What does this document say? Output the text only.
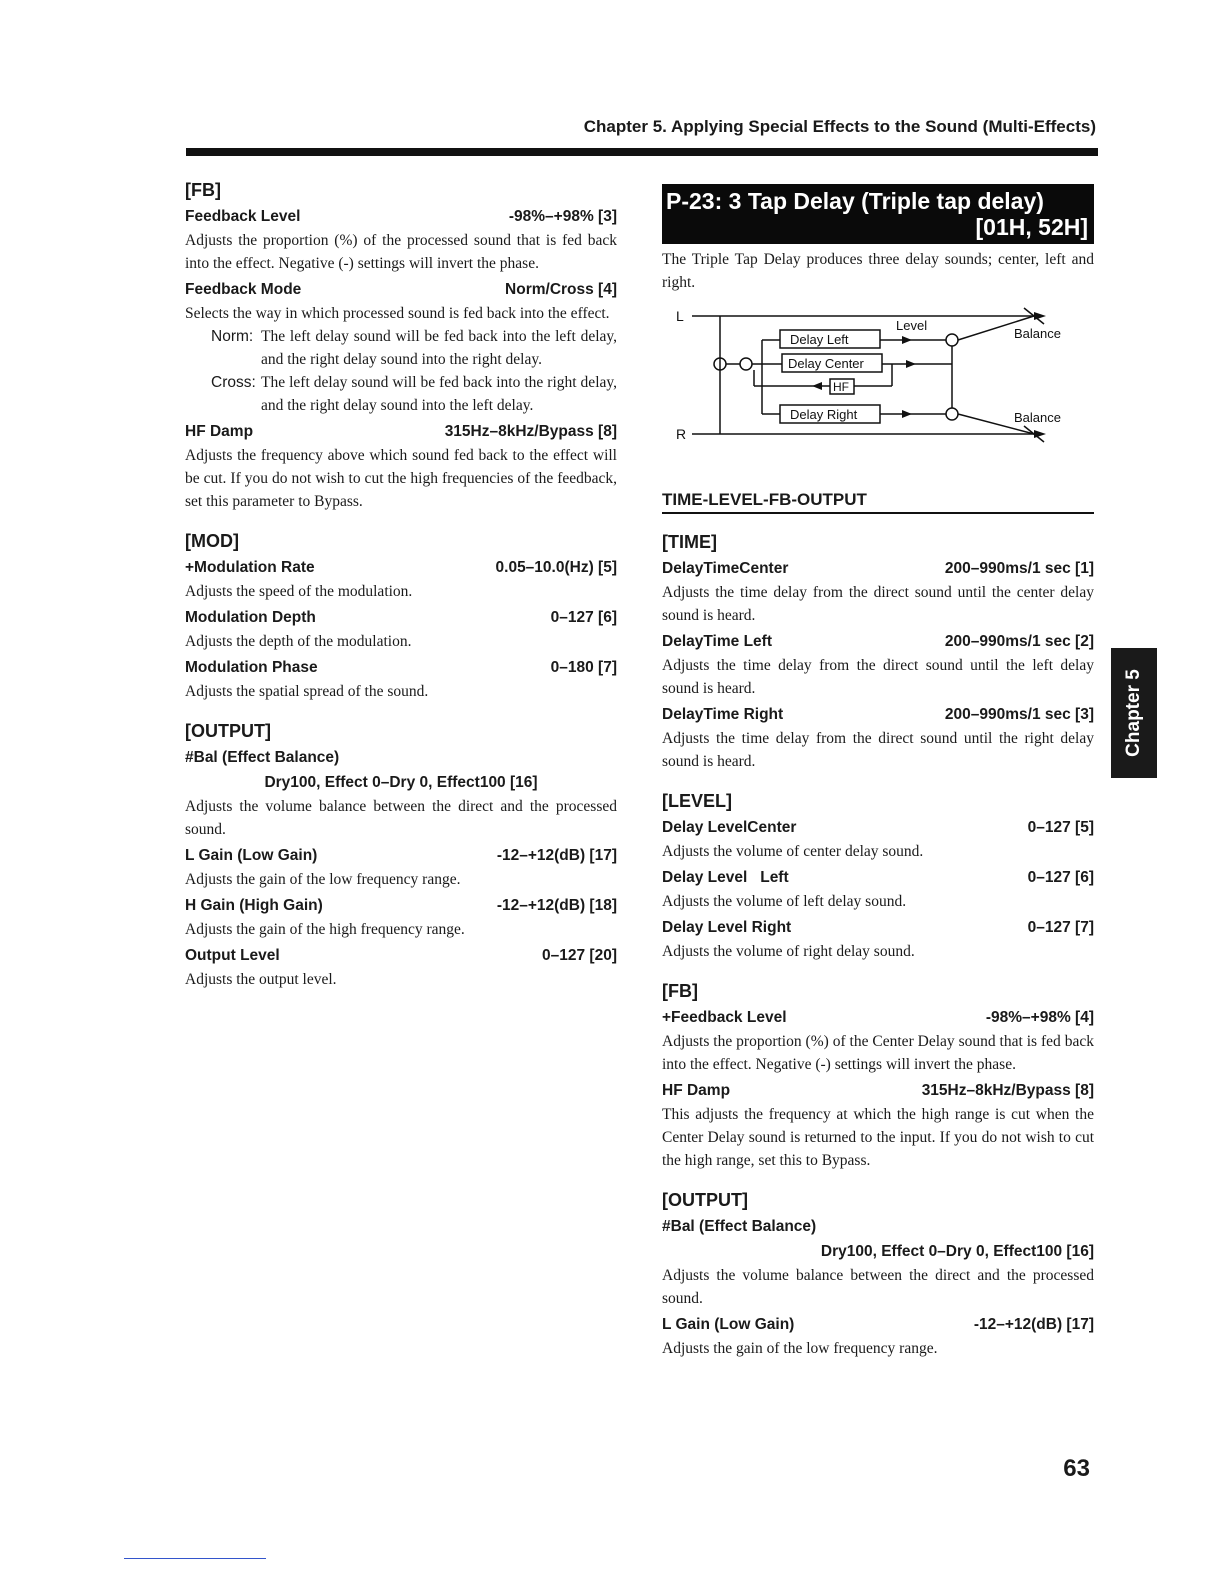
Chapter 5. Applying Special Effects to the Sound (Multi-Effects)
[FB]
Feedback Level	-98%–+98% [3]

Adjusts the proportion (%) of the processed sound that is fed back into the effect. Negative (-) settings will invert the phase.

Feedback Mode	Norm/Cross [4]

Selects the way in which processed sound is fed back into the effect.

Norm: The left delay sound will be fed back into the left delay, and the right delay sound into the right delay.
Cross: The left delay sound will be fed back into the right delay, and the right delay sound into the left delay.
HF Damp	315Hz–8kHz/Bypass [8]

Adjusts the frequency above which sound fed back to the effect will be cut. If you do not wish to cut the high frequencies of the feedback, set this parameter to Bypass.

[MOD]
+Modulation Rate	0.05–10.0(Hz) [5]

Adjusts the speed of the modulation.

Modulation Depth	0–127 [6]

Adjusts the depth of the modulation.

Modulation Phase	0–180 [7]

Adjusts the spatial spread of the sound.

[OUTPUT]
#Bal (Effect Balance)
Dry100, Effect 0–Dry 0, Effect100 [16]

Adjusts the volume balance between the direct and the processed sound.

L Gain (Low Gain)	-12–+12(dB) [17]

Adjusts the gain of the low frequency range.

H Gain (High Gain)	-12–+12(dB) [18]

Adjusts the gain of the high frequency range.

Output Level	0–127 [20]

Adjusts the output level.

P-23: 3 Tap Delay (Triple tap delay)
[01H, 52H]

The Triple Tap Delay produces three delay sounds; center, left and right.

L
R
Delay Left
Delay Center
Delay Right
HF
Level
Balance
Balance
TIME-LEVEL-FB-OUTPUT
[TIME]
DelayTimeCenter	200–990ms/1 sec [1]

Adjusts the time delay from the direct sound until the center delay sound is heard.

DelayTime Left	200–990ms/1 sec [2]

Adjusts the time delay from the direct sound until the left delay sound is heard.

DelayTime Right	200–990ms/1 sec [3]

Adjusts the time delay from the direct sound until the right delay sound is heard.

[LEVEL]
Delay LevelCenter	0–127 [5]

Adjusts the volume of center delay sound.

Delay Level   Left	0–127 [6]

Adjusts the volume of left delay sound.

Delay Level Right	0–127 [7]

Adjusts the volume of right delay sound.

[FB]
+Feedback Level	-98%–+98% [4]

Adjusts the proportion (%) of the Center Delay sound that is fed back into the effect. Negative (-) settings will invert the phase.

HF Damp	315Hz–8kHz/Bypass [8]

This adjusts the frequency at which the high range is cut when the Center Delay sound is returned to the input. If you do not wish to cut the high range, set this to Bypass.

[OUTPUT]
#Bal (Effect Balance)
Dry100, Effect 0–Dry 0, Effect100 [16]

Adjusts the volume balance between the direct and the processed sound.

L Gain (Low Gain)	-12–+12(dB) [17]

Adjusts the gain of the low frequency range.

Chapter 5
63
